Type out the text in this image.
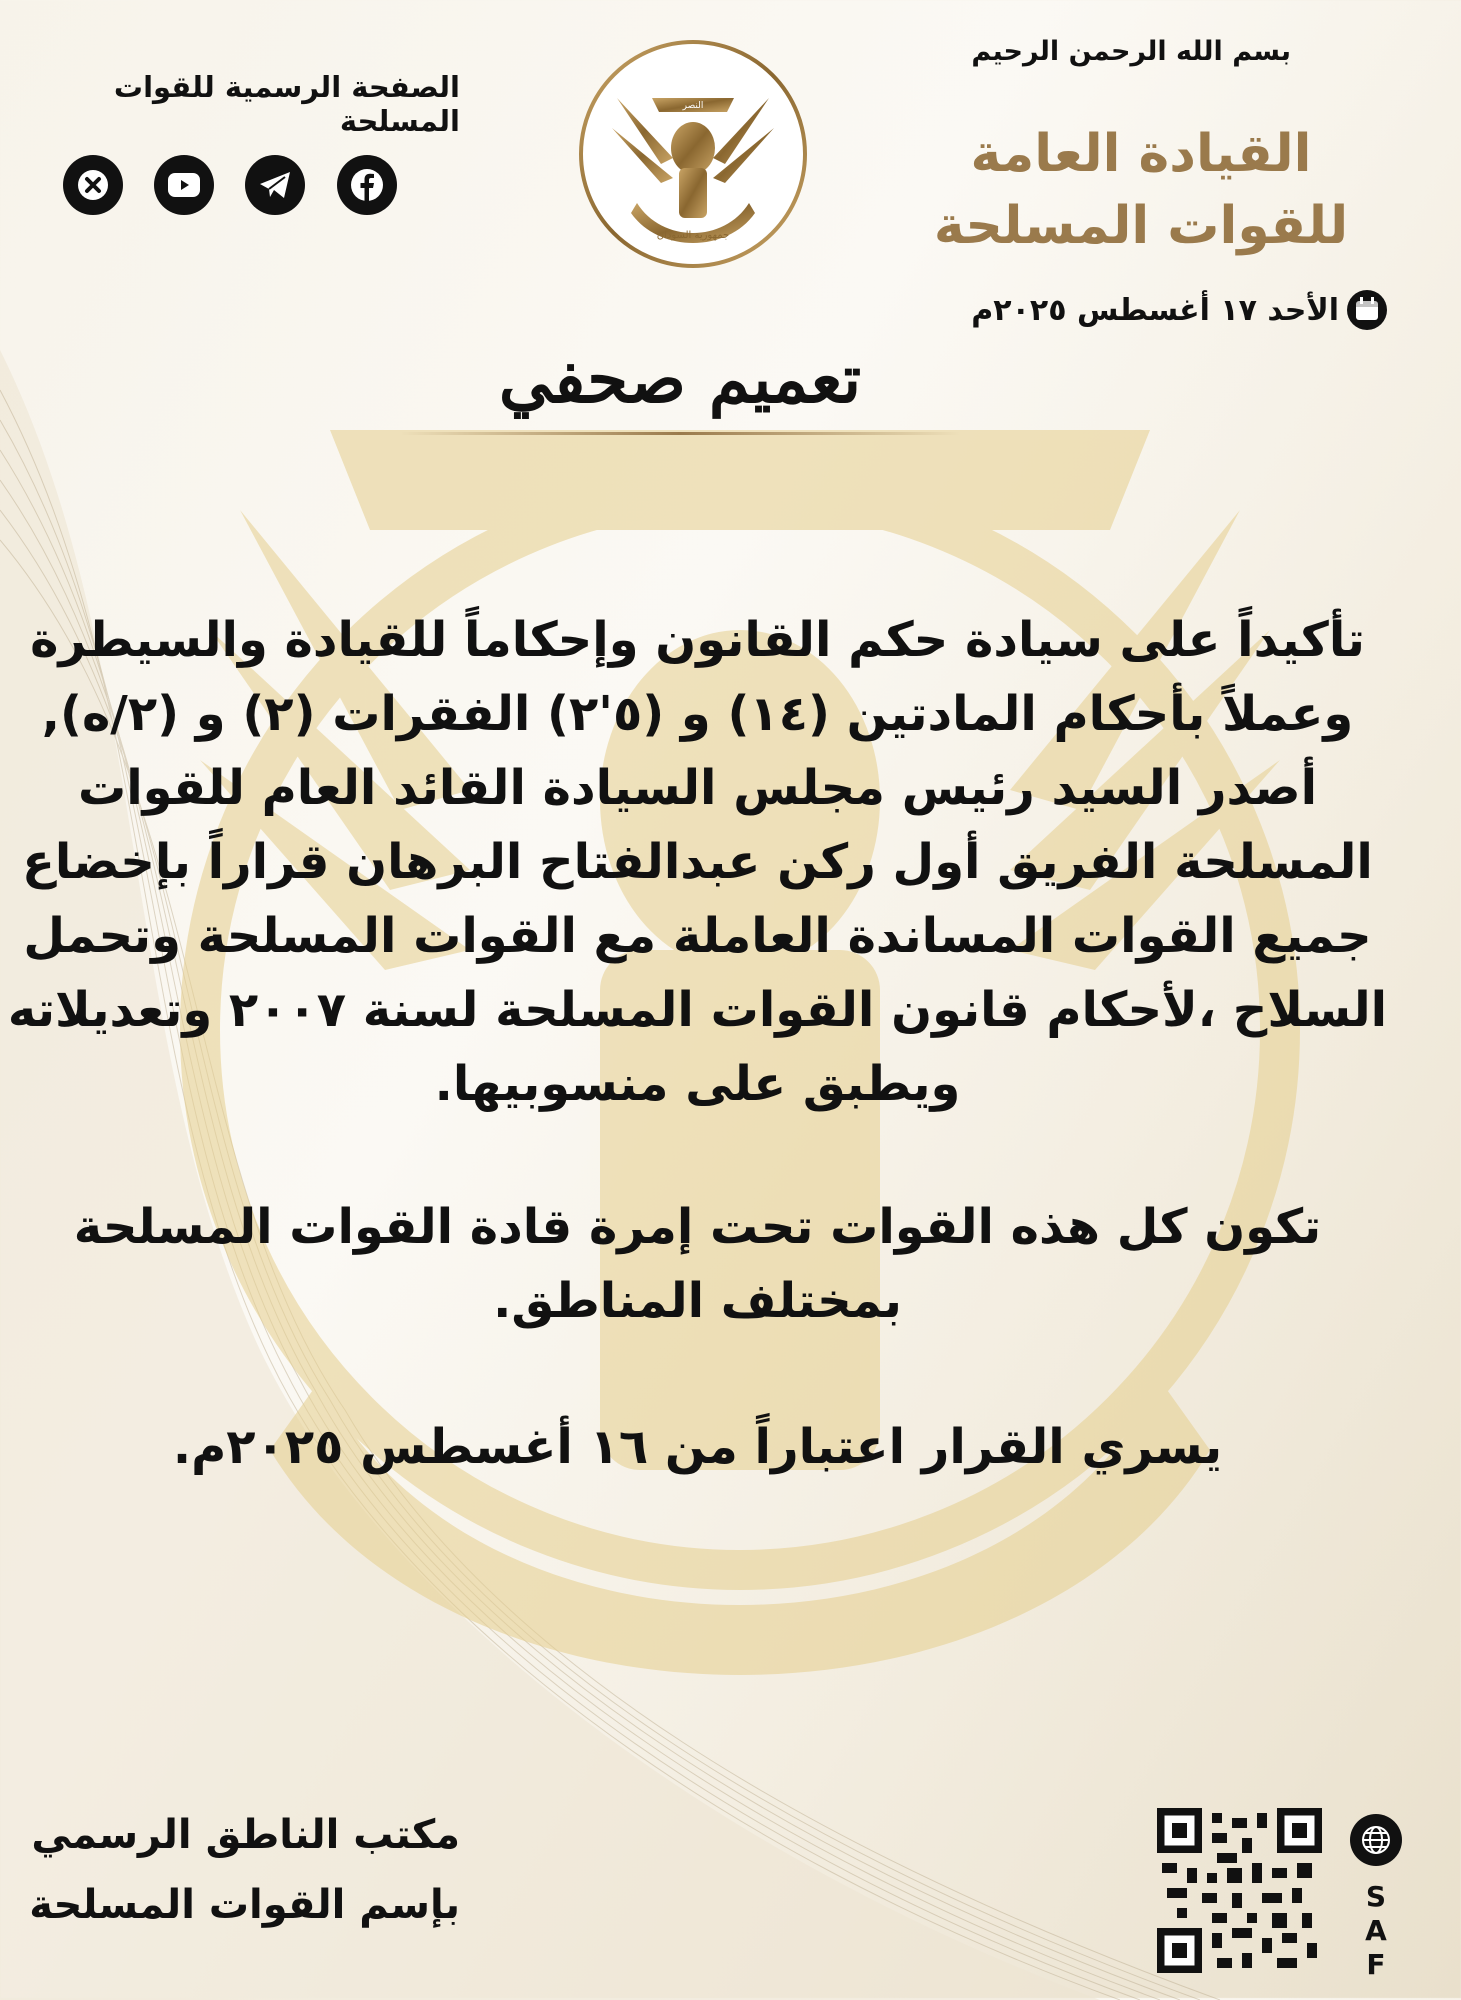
بسم الله الرحمن الرحيم
القيادة العامة للقوات المسلحة
الأحد ١٧ أغسطس ٢٠٢٥م
النصر
جمهورية السودان
الصفحة الرسمية للقوات المسلحة
تعميم صحفي
تأكيداً على سيادة حكم القانون وإحكاماً للقيادة والسيطرة وعملاً بأحكام المادتين (١٤) و (٥'٢) الفقرات (٢) و (٢/ه), أصدر السيد رئيس مجلس السيادة القائد العام للقوات المسلحة الفريق أول ركن عبدالفتاح البرهان قراراً بإخضاع جميع القوات المساندة العاملة مع القوات المسلحة وتحمل السلاح ،لأحكام قانون القوات المسلحة لسنة ٢٠٠٧ وتعديلاته ويطبق على منسوبيها.
تكون كل هذه القوات تحت إمرة قادة القوات المسلحة بمختلف المناطق.
يسري القرار اعتباراً من ١٦ أغسطس ٢٠٢٥م.
مكتب الناطق الرسمي
بإسم القوات المسلحة	S
A
F
